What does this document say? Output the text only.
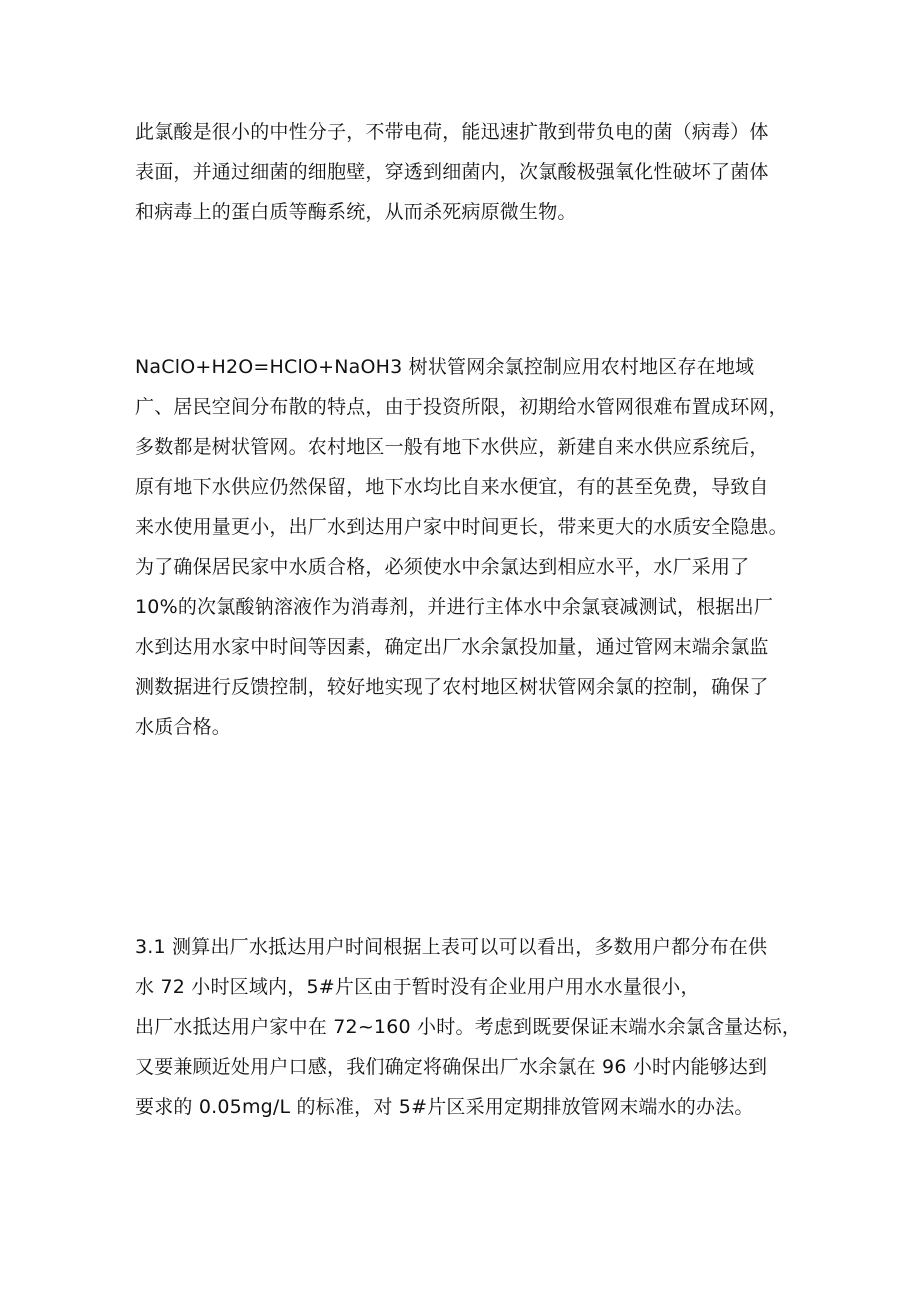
此氯酸是很小的中性分子，不带电荷，能迅速扩散到带负电的菌（病毒）体
表面，并通过细菌的细胞壁，穿透到细菌内，次氯酸极强氧化性破坏了菌体
和病毒上的蛋白质等酶系统，从而杀死病原微生物。
NaClO+H2O=HClO+NaOH3 树状管网余氯控制应用农村地区存在地域
广、居民空间分布散的特点，由于投资所限，初期给水管网很难布置成环网，
多数都是树状管网。农村地区一般有地下水供应，新建自来水供应系统后，
原有地下水供应仍然保留，地下水均比自来水便宜，有的甚至免费，导致自
来水使用量更小，出厂水到达用户家中时间更长，带来更大的水质安全隐患。
为了确保居民家中水质合格，必须使水中余氯达到相应水平，水厂采用了
10%的次氯酸钠溶液作为消毒剂，并进行主体水中余氯衰减测试，根据出厂
水到达用水家中时间等因素，确定出厂水余氯投加量，通过管网末端余氯监
测数据进行反馈控制，较好地实现了农村地区树状管网余氯的控制，确保了
水质合格。
3.1 测算出厂水抵达用户时间根据上表可以可以看出，多数用户都分布在供
水 72 小时区域内，5#片区由于暂时没有企业用户用水水量很小，
出厂水抵达用户家中在 72~160 小时。考虑到既要保证末端水余氯含量达标，
又要兼顾近处用户口感，我们确定将确保出厂水余氯在 96 小时内能够达到
要求的 0.05mg/L 的标准，对 5#片区采用定期排放管网末端水的办法。
